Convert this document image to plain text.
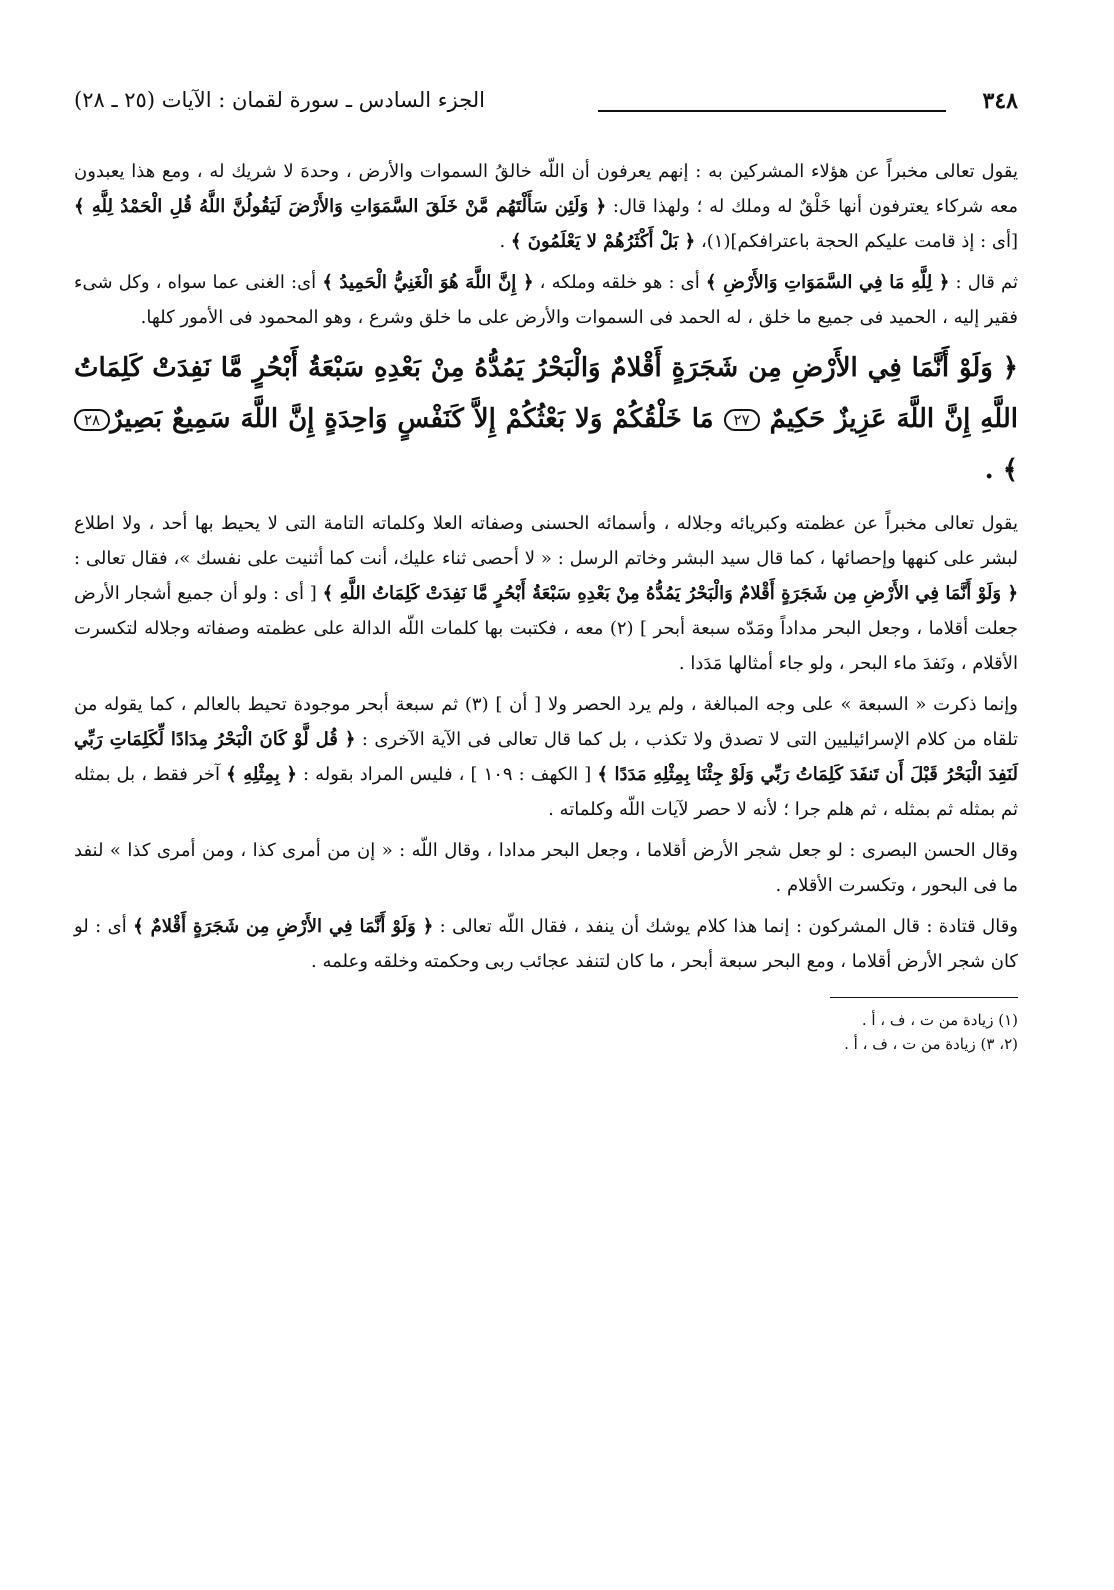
٣٤٨
الجزء السادس ـ سورة لقمان : الآيات (٢٥ ـ ٢٨)

يقول تعالى مخبراً عن هؤلاء المشركين به : إنهم يعرفون أن اللّه خالقُ السموات والأرض ، وحدهَ لا شريك له ، ومع هذا يعبدون معه شركاء يعترفون أنها خَلْقٌ له وملك له ؛ ولهذا قال: ﴿ وَلَئِن سَأَلْتَهُم مَّنْ خَلَقَ السَّمَوَاتِ وَالأَرْضَ لَيَقُولُنَّ اللَّهُ قُلِ الْحَمْدُ لِلَّهِ ﴾ [أى : إذ قامت عليكم الحجة باعترافكم](١)، ﴿ بَلْ أَكْثَرُهُمْ لا يَعْلَمُونَ ﴾ .

ثم قال : ﴿ لِلَّهِ مَا فِي السَّمَوَاتِ وَالأَرْضِ ﴾ أى : هو خلقه وملكه ، ﴿ إِنَّ اللَّهَ هُوَ الْغَنِيُّ الْحَمِيدُ ﴾ أى: الغنى عما سواه ، وكل شىء فقير إليه ، الحميد فى جميع ما خلق ، له الحمد فى السموات والأرض على ما خلق وشرع ، وهو المحمود فى الأمور كلها.

﴿ وَلَوْ أَنَّمَا فِي الأَرْضِ مِن شَجَرَةٍ أَقْلامٌ وَالْبَحْرُ يَمُدُّهُ مِنْ بَعْدِهِ سَبْعَةُ أَبْحُرٍ مَّا نَفِدَتْ كَلِمَاتُ اللَّهِ إِنَّ اللَّهَ عَزِيزٌ حَكِيمٌ ٢٧ مَا خَلْقُكُمْ وَلا بَعْثُكُمْ إِلاَّ كَنَفْسٍ وَاحِدَةٍ إِنَّ اللَّهَ سَمِيعٌ بَصِيرٌ٢٨ ﴾ .

يقول تعالى مخبراً عن عظمته وكبريائه وجلاله ، وأسمائه الحسنى وصفاته العلا وكلماته التامة التى لا يحيط بها أحد ، ولا اطلاع لبشر على كنهها وإحصائها ، كما قال سيد البشر وخاتم الرسل : « لا أحصى ثناء عليك، أنت كما أثنيت على نفسك »، فقال تعالى : ﴿ وَلَوْ أَنَّمَا فِي الأَرْضِ مِن شَجَرَةٍ أَقْلامٌ وَالْبَحْرُ يَمُدُّهُ مِنْ بَعْدِهِ سَبْعَةُ أَبْحُرٍ مَّا نَفِدَتْ كَلِمَاتُ اللَّهِ ﴾ [ أى : ولو أن جميع أشجار الأرض جعلت أقلاما ، وجعل البحر مداداً ومَدّه سبعة أبحر ] (٢) معه ، فكتبت بها كلمات اللّه الدالة على عظمته وصفاته وجلاله لتكسرت الأقلام ، ونَفدَ ماء البحر ، ولو جاء أمثالها مَدَدا .

وإنما ذكرت « السبعة » على وجه المبالغة ، ولم يرد الحصر ولا [ أن ] (٣) ثم سبعة أبحر موجودة تحيط بالعالم ، كما يقوله من تلقاه من كلام الإسرائيليين التى لا تصدق ولا تكذب ، بل كما قال تعالى فى الآية الآخرى : ﴿ قُل لَّوْ كَانَ الْبَحْرُ مِدَادًا لِّكَلِمَاتِ رَبِّي لَنَفِدَ الْبَحْرُ قَبْلَ أَن تَنفَدَ كَلِمَاتُ رَبِّي وَلَوْ جِئْنَا بِمِثْلِهِ مَدَدًا ﴾ [ الكهف : ١٠٩ ] ، فليس المراد بقوله : ﴿ بِمِثْلِهِ ﴾ آخر فقط ، بل بمثله ثم بمثله ثم بمثله ، ثم هلم جرا ؛ لأنه لا حصر لآيات اللّه وكلماته .

وقال الحسن البصرى : لو جعل شجر الأرض أقلاما ، وجعل البحر مدادا ، وقال اللّه : « إن من أمرى كذا ، ومن أمرى كذا » لنفد ما فى البحور ، وتكسرت الأقلام .

وقال قتادة : قال المشركون : إنما هذا كلام يوشك أن ينفد ، فقال اللّه تعالى : ﴿ وَلَوْ أَنَّمَا فِي الأَرْضِ مِن شَجَرَةٍ أَقْلامٌ ﴾ أى : لو كان شجر الأرض أقلاما ، ومع البحر سبعة أبحر ، ما كان لتنفد عجائب ربى وحكمته وخلقه وعلمه .

(١) زيادة من ت ، ف ، أ .
(٢، ٣) زيادة من ت ، ف ، أ .
